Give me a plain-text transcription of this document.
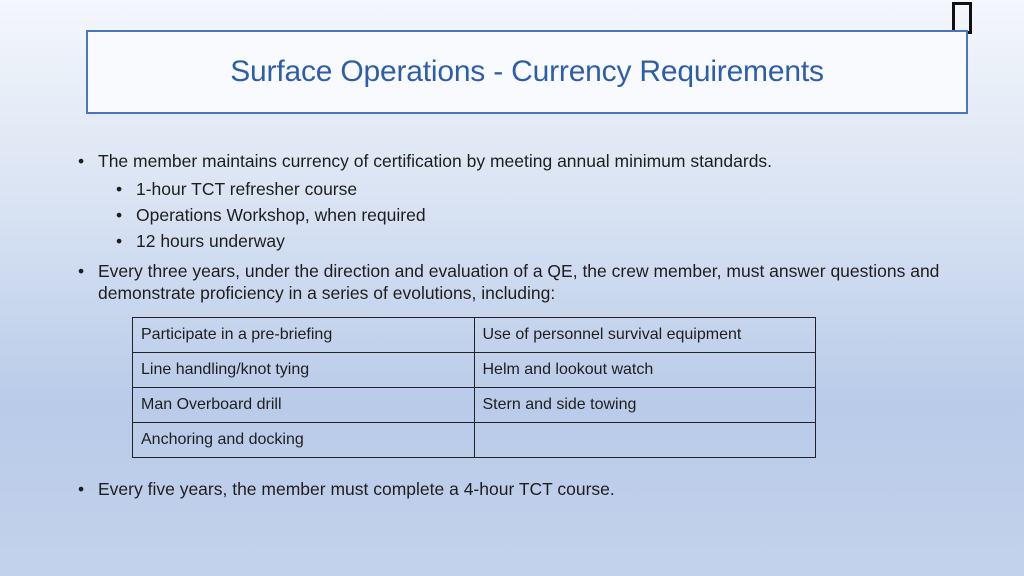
Surface Operations - Currency Requirements
• The member maintains currency of certification by meeting annual minimum standards.
• 1-hour TCT refresher course
• Operations Workshop, when required
• 12 hours underway
• Every three years, under the direction and evaluation of a QE, the crew member, must answer questions and demonstrate proficiency in a series of evolutions, including:
Participate in a pre-briefing	Use of personnel survival equipment
Line handling/knot tying	Helm and lookout watch
Man Overboard drill	Stern and side towing
Anchoring and docking	
• Every five years, the member must complete a 4-hour TCT course.
